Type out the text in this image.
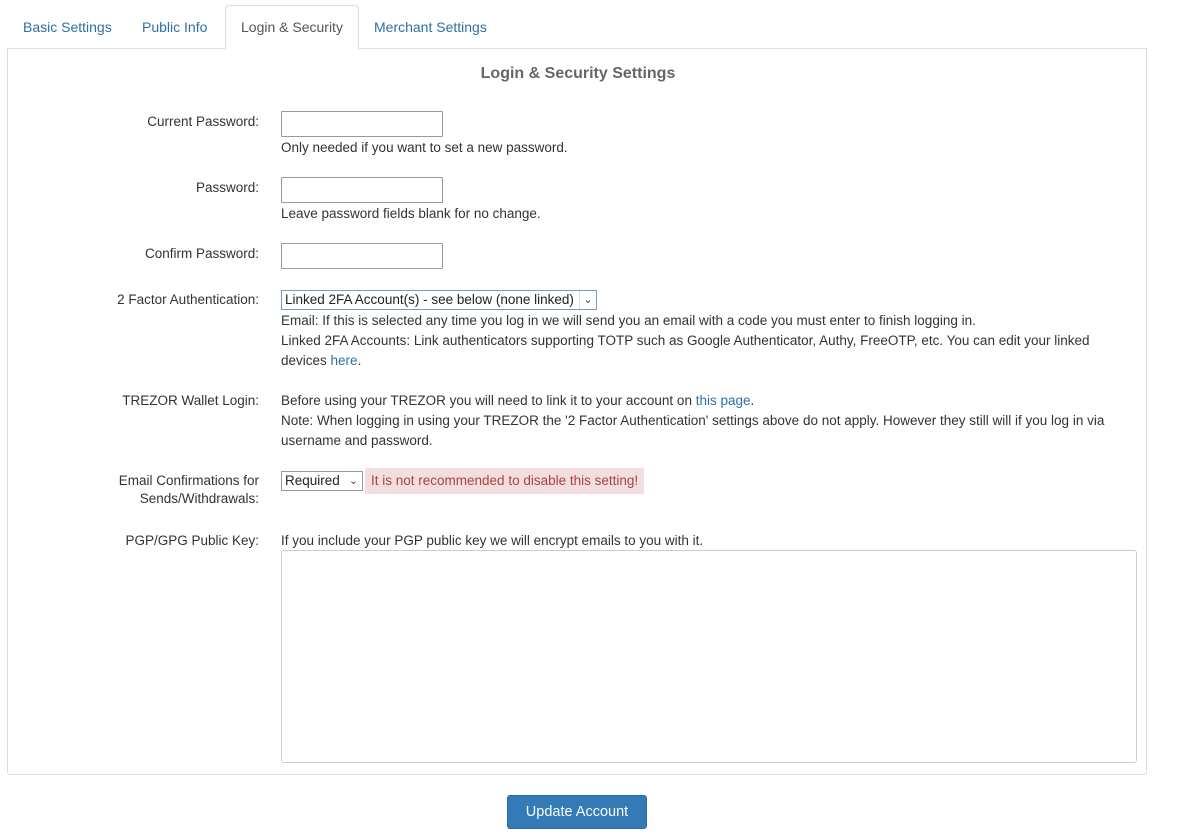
Basic Settings	Public Info	Login & Security	Merchant Settings
Login & Security Settings
Current Password:
Only needed if you want to set a new password.
Password:
Leave password fields blank for no change.
Confirm Password:
2 Factor Authentication: Linked 2FA Account(s) - see below (none linked) ⌄
Email: If this is selected any time you log in we will send you an email with a code you must enter to finish logging in.
Linked 2FA Accounts: Link authenticators supporting TOTP such as Google Authenticator, Authy, FreeOTP, etc. You can edit your linked
devices here.
TREZOR Wallet Login: Before using your TREZOR you will need to link it to your account on this page.
Note: When logging in using your TREZOR the '2 Factor Authentication' settings above do not apply. However they still will if you log in via
username and password.
Email Confirmations for
Sends/Withdrawals:
Required ⌄ It is not recommended to disable this setting!
PGP/GPG Public Key: If you include your PGP public key we will encrypt emails to you with it.
Update Account
